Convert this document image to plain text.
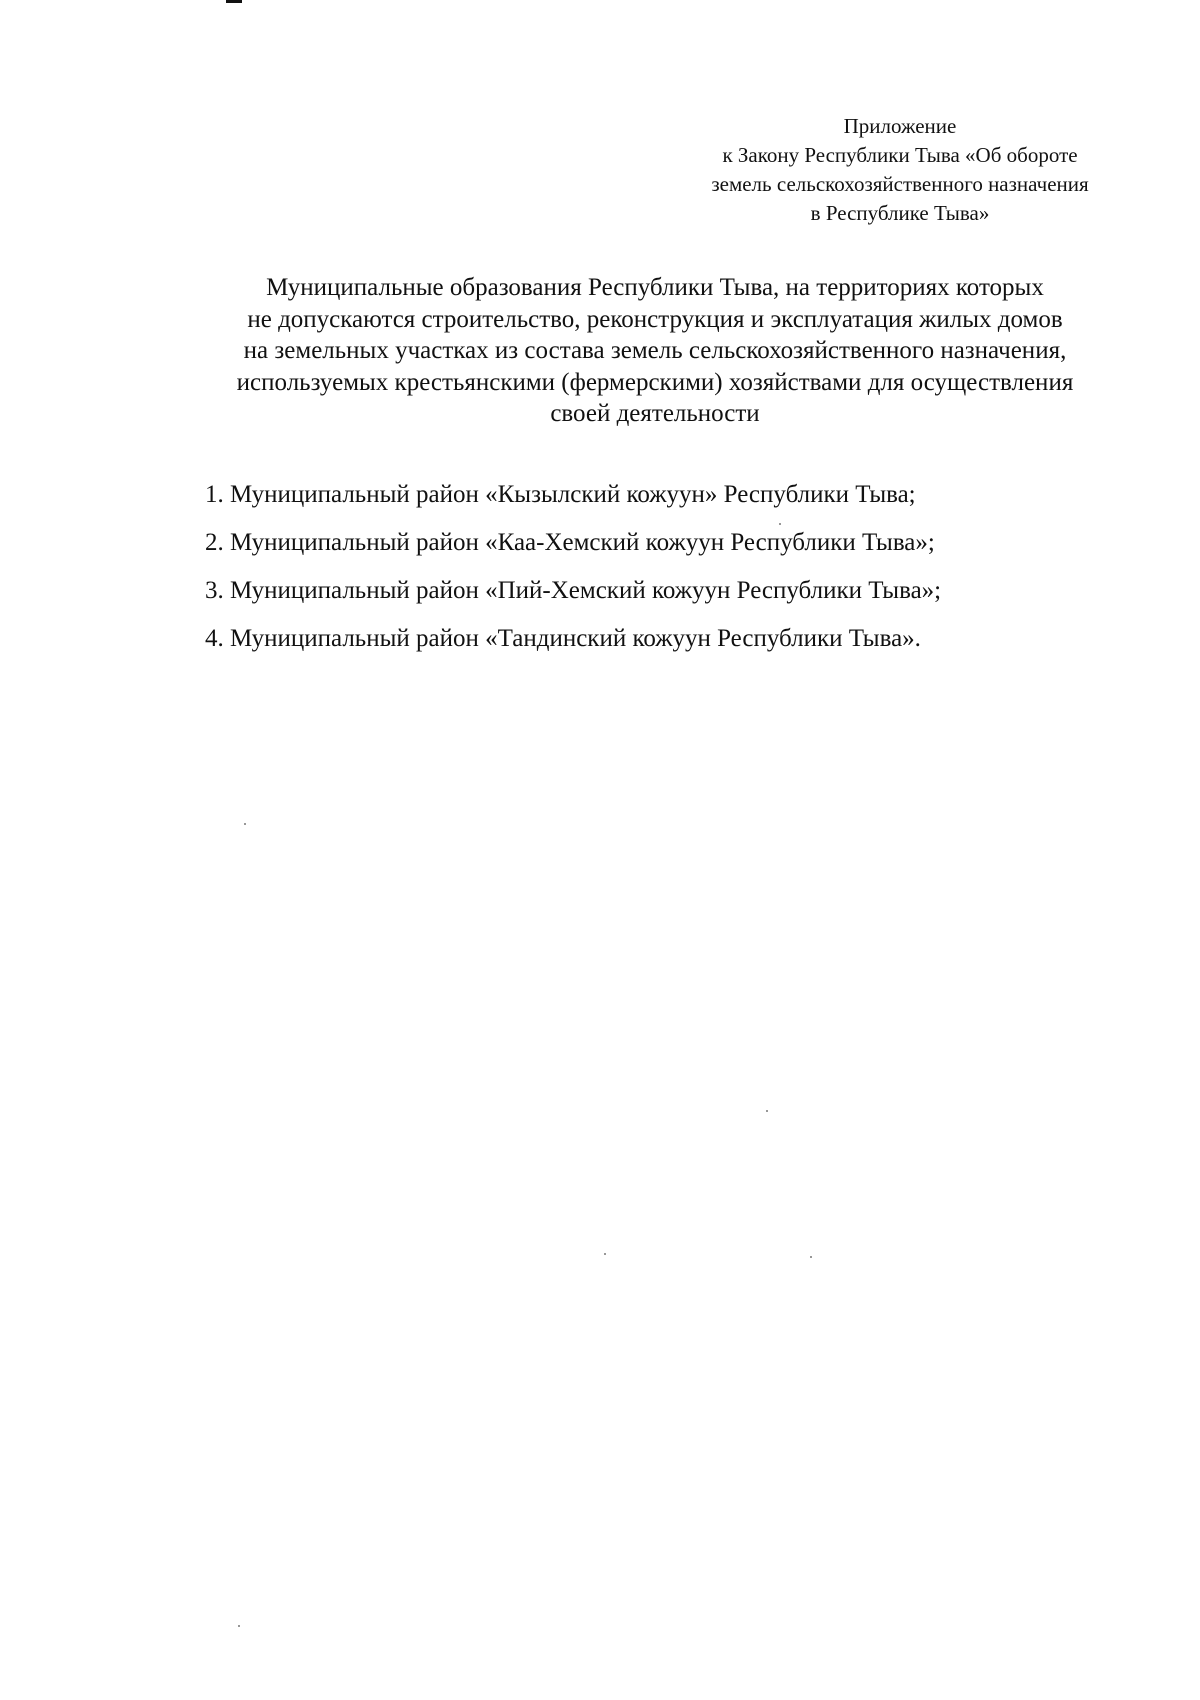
Приложение
к Закону Республики Тыва «Об обороте
земель сельскохозяйственного назначения
в Республике Тыва»
Муниципальные образования Республики Тыва, на территориях которых
не допускаются строительство, реконструкция и эксплуатация жилых домов
на земельных участках из состава земель сельскохозяйственного назначения,
используемых крестьянскими (фермерскими) хозяйствами для осуществления
своей деятельности
1. Муниципальный район «Кызылский кожуун» Республики Тыва;
2. Муниципальный район «Каа-Хемский кожуун Республики Тыва»;
3. Муниципальный район «Пий-Хемский кожуун Республики Тыва»;
4. Муниципальный район «Тандинский кожуун Республики Тыва».
